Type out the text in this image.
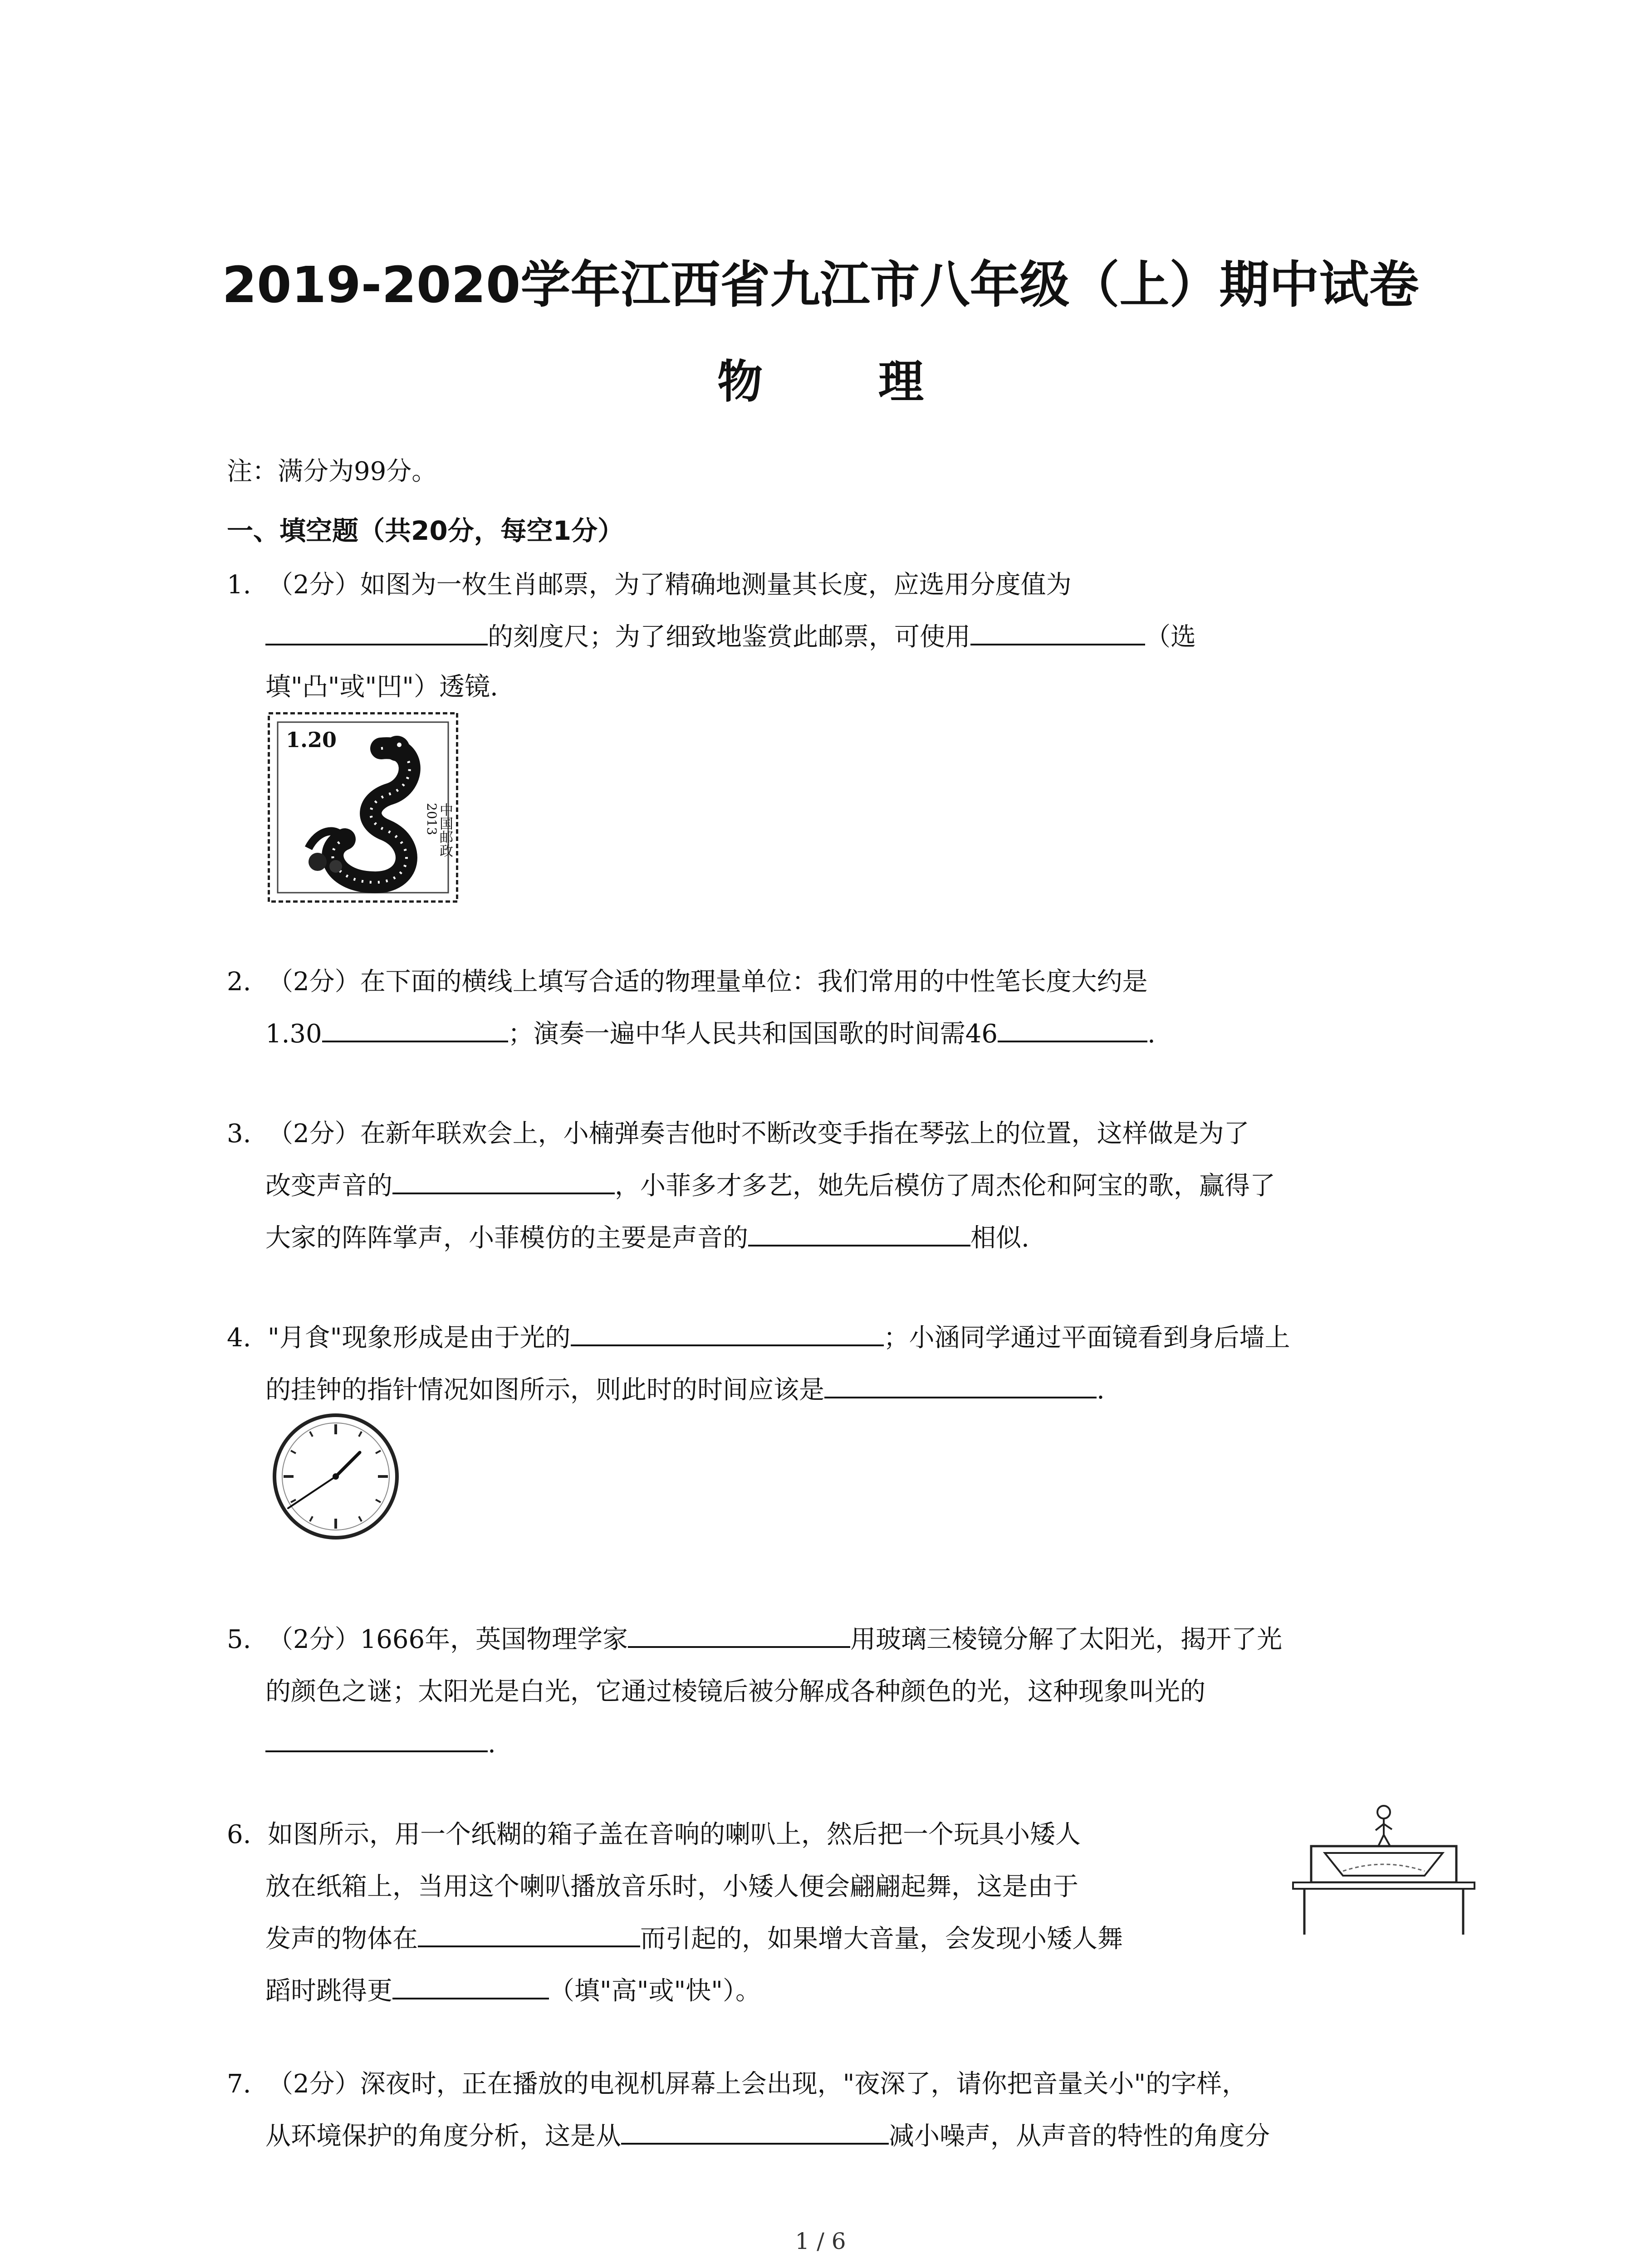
2019-2020学年江西省九江市八年级（上）期中试卷
物 理
注：满分为99分。
一、填空题（共20分，每空1分）
1. （2分）如图为一枚生肖邮票，为了精确地测量其长度，应选用分度值为
的刻度尺；为了细致地鉴赏此邮票，可使用	（选
填"凸"或"凹"）透镜.
1.20
2013
中国邮政
2. （2分）在下面的横线上填写合适的物理量单位：我们常用的中性笔长度大约是
1.30	；演奏一遍中华人民共和国国歌的时间需46	.
3. （2分）在新年联欢会上，小楠弹奏吉他时不断改变手指在琴弦上的位置，这样做是为了
改变声音的	，小菲多才多艺，她先后模仿了周杰伦和阿宝的歌，赢得了
大家的阵阵掌声，小菲模仿的主要是声音的	相似.
4. "月食"现象形成是由于光的	；小涵同学通过平面镜看到身后墙上
的挂钟的指针情况如图所示，则此时的时间应该是	.
5. （2分）1666年，英国物理学家	用玻璃三棱镜分解了太阳光，揭开了光
的颜色之谜；太阳光是白光，它通过棱镜后被分解成各种颜色的光，这种现象叫光的
.
6. 如图所示，用一个纸糊的箱子盖在音响的喇叭上，然后把一个玩具小矮人
放在纸箱上，当用这个喇叭播放音乐时，小矮人便会翩翩起舞，这是由于
发声的物体在	而引起的，如果增大音量，会发现小矮人舞
蹈时跳得更	（填"高"或"快"）。
7. （2分）深夜时，正在播放的电视机屏幕上会出现，"夜深了，请你把音量关小"的字样，
从环境保护的角度分析，这是从	减小噪声，从声音的特性的角度分
1 / 6
